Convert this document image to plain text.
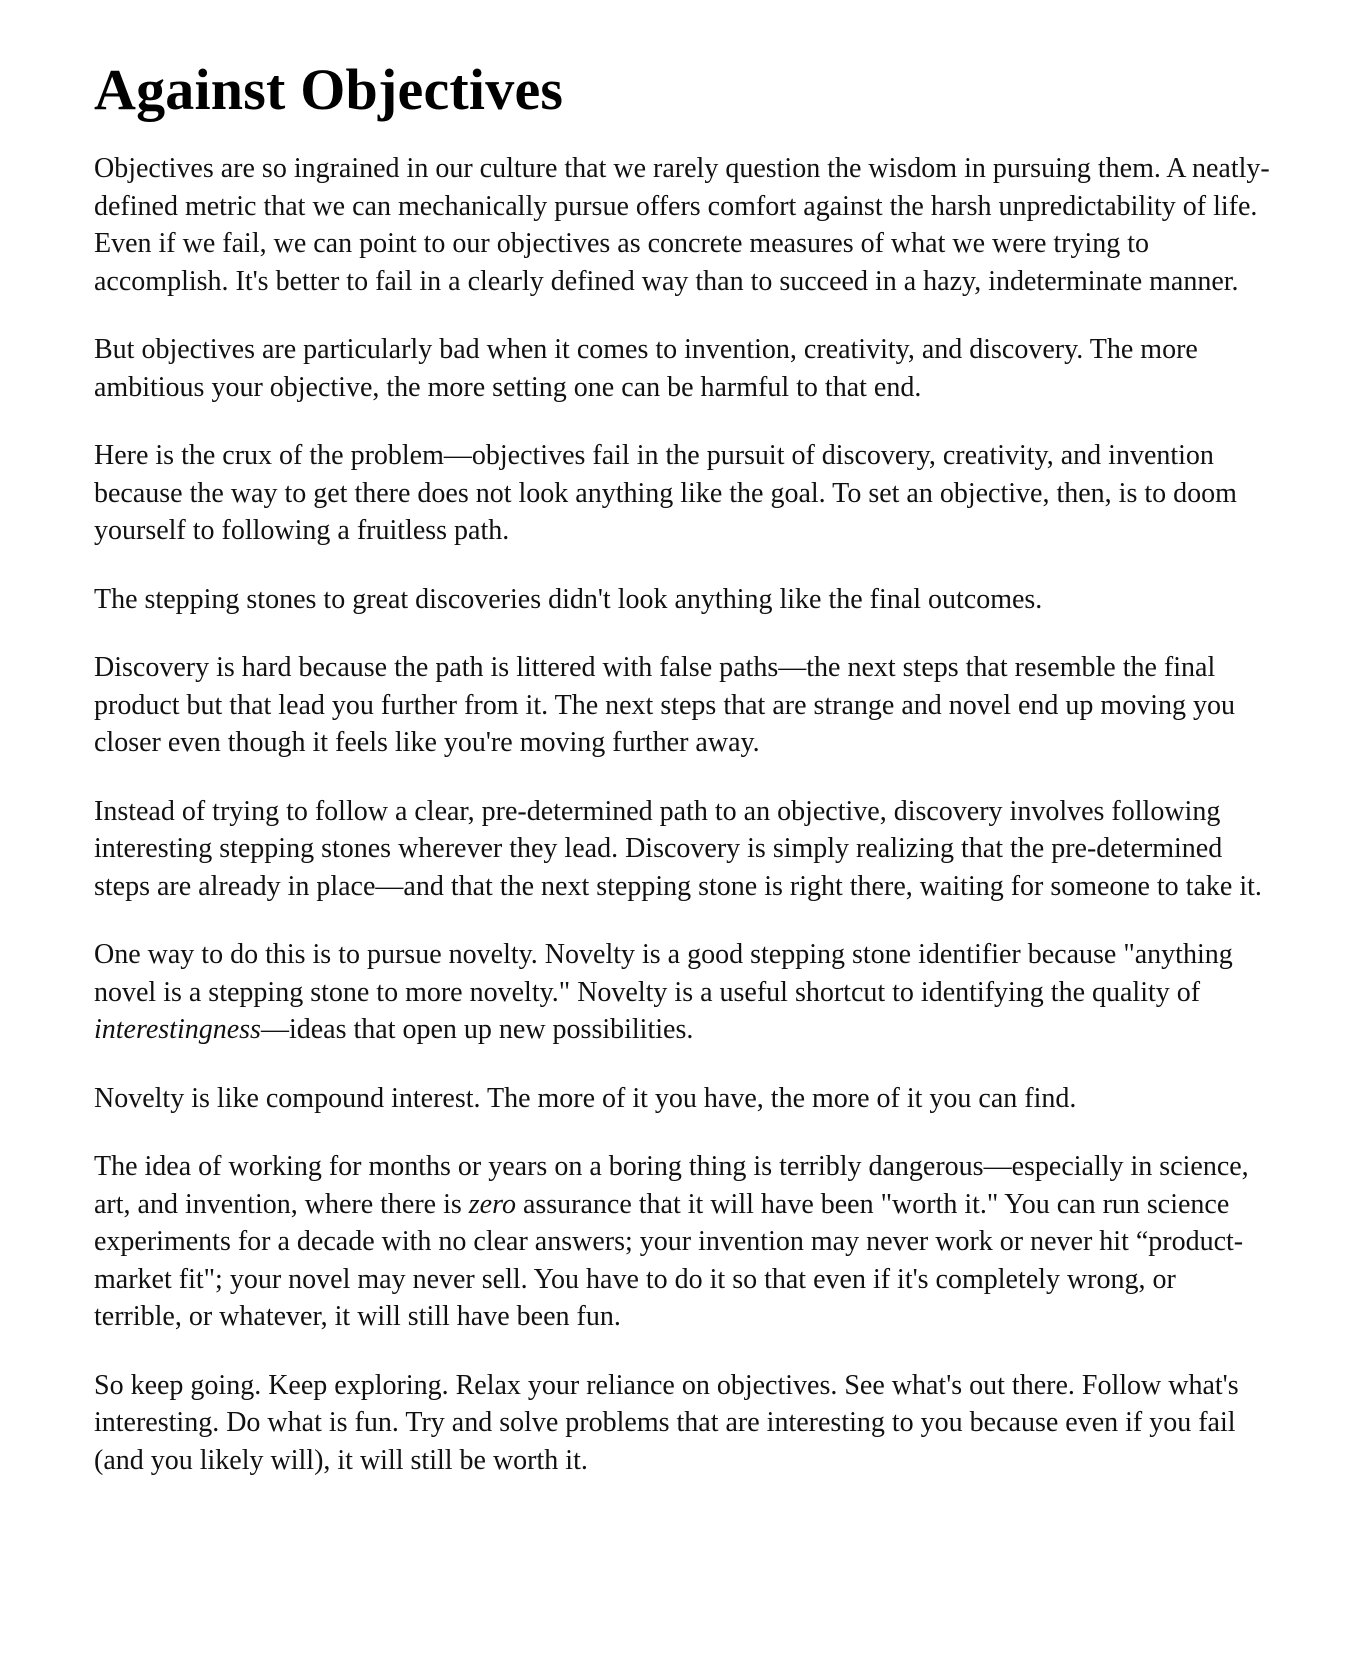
Against Objectives

Objectives are so ingrained in our culture that we rarely question the wisdom in pursuing them. A neatly-defined metric that we can mechanically pursue offers comfort against the harsh unpredictability of life. Even if we fail, we can point to our objectives as concrete measures of what we were trying to accomplish. It's better to fail in a clearly defined way than to succeed in a hazy, indeterminate manner.

But objectives are particularly bad when it comes to invention, creativity, and discovery. The more ambitious your objective, the more setting one can be harmful to that end.

Here is the crux of the problem—objectives fail in the pursuit of discovery, creativity, and invention because the way to get there does not look anything like the goal. To set an objective, then, is to doom yourself to following a fruitless path.

The stepping stones to great discoveries didn't look anything like the final outcomes.

Discovery is hard because the path is littered with false paths—the next steps that resemble the final product but that lead you further from it. The next steps that are strange and novel end up moving you closer even though it feels like you're moving further away.

Instead of trying to follow a clear, pre-determined path to an objective, discovery involves following interesting stepping stones wherever they lead. Discovery is simply realizing that the pre-determined steps are already in place—and that the next stepping stone is right there, waiting for someone to take it.

One way to do this is to pursue novelty. Novelty is a good stepping stone identifier because "anything novel is a stepping stone to more novelty." Novelty is a useful shortcut to identifying the quality of interestingness—ideas that open up new possibilities.

Novelty is like compound interest. The more of it you have, the more of it you can find.

The idea of working for months or years on a boring thing is terribly dangerous—especially in science, art, and invention, where there is zero assurance that it will have been "worth it." You can run science experiments for a decade with no clear answers; your invention may never work or never hit “product-market fit"; your novel may never sell. You have to do it so that even if it's completely wrong, or terrible, or whatever, it will still have been fun.

So keep going. Keep exploring. Relax your reliance on objectives. See what's out there. Follow what's interesting. Do what is fun. Try and solve problems that are interesting to you because even if you fail (and you likely will), it will still be worth it.
